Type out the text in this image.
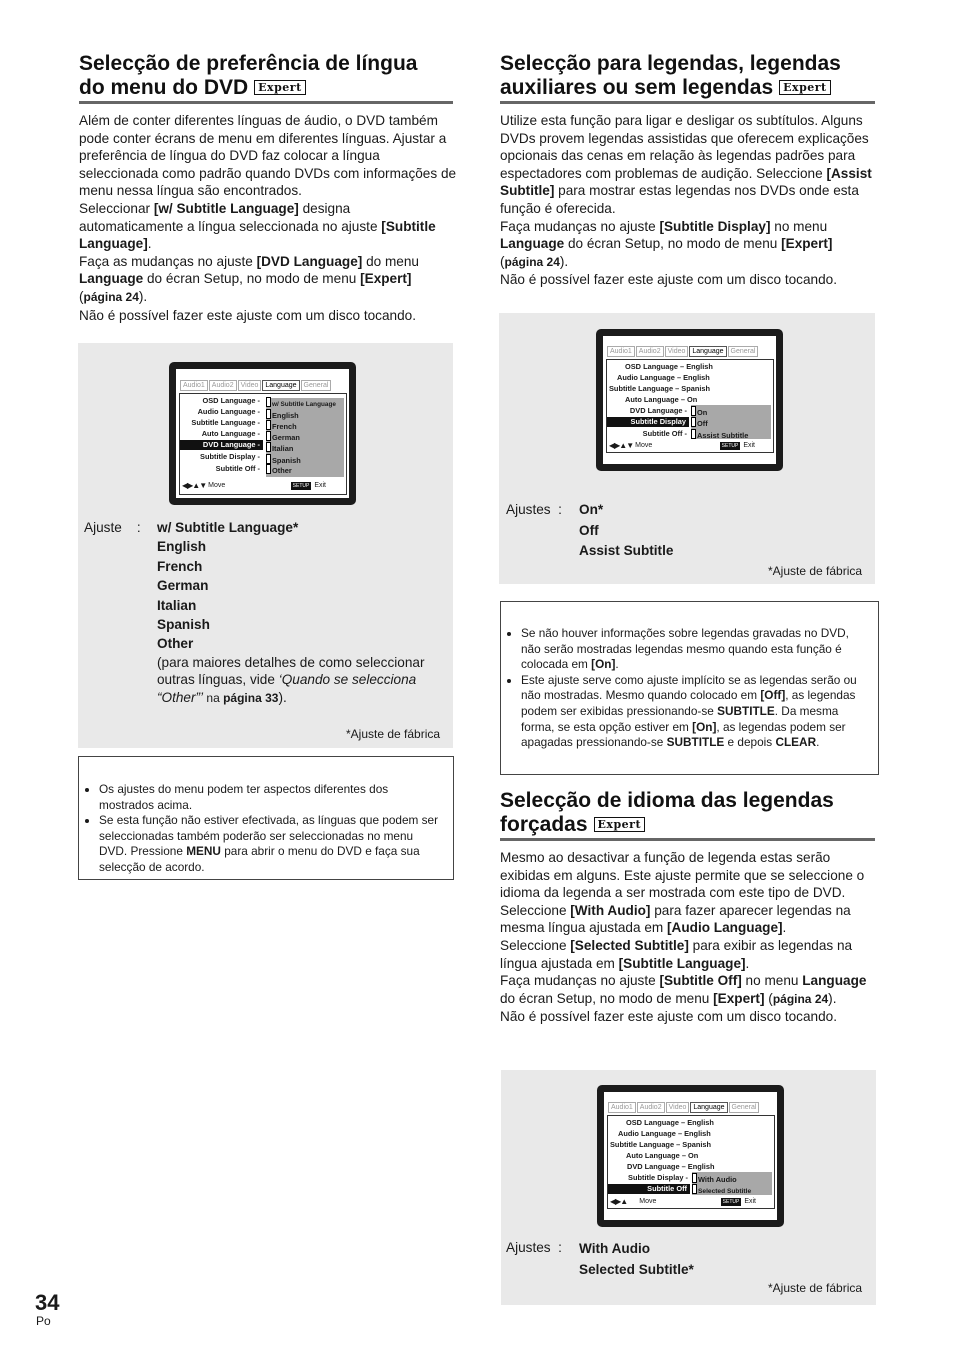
Selecção de preferência de língua
do menu do DVD Expert
Além de conter diferentes línguas de áudio, o DVD também pode conter écrans de menu em diferentes línguas. Ajustar a preferência de língua do DVD faz colocar a língua seleccionada como padrão quando DVDs com informações de menu nessa língua são encontrados.
Seleccionar [w/ Subtitle Language] designa automaticamente a língua seleccionada no ajuste [Subtitle Language].
Faça as mudanças no ajuste [DVD Language] do menu Language do écran Setup, no modo de menu [Expert] (página 24).
Não é possível fazer este ajuste com um disco tocando.
Audio1	Audio2	Video	Language	General
OSD Language -
Audio Language -
Subtitle Language -
Auto Language -
DVD Language -
Subtitle Display -
Subtitle Off -
w/ Subtitle Language
English
French
German
Italian
Spanish
Other
◀▶▲▼ Move	SETUP Exit
Ajuste    : w/ Subtitle Language*
English
French
German
Italian
Spanish
Other
(para maiores detalhes de como seleccionar outras línguas, vide ‘Quando se selecciona “Other”’ na página 33).
*Ajuste de fábrica
• Os ajustes do menu podem ter aspectos diferentes dos mostrados acima.
• Se esta função não estiver efectivada, as línguas que podem ser seleccionadas também poderão ser seleccionadas no menu DVD. Pressione MENU para abrir o menu do DVD e faça sua selecção de acordo.
Selecção para legendas, legendas
auxiliares ou sem legendas Expert
Utilize esta função para ligar e desligar os subtítulos. Alguns DVDs provem legendas assistidas que oferecem explicações opcionais das cenas em relação às legendas padrões para espectadores com problemas de audição. Seleccione [Assist Subtitle] para mostrar estas legendas nos DVDs onde esta função é oferecida.
Faça mudanças no ajuste [Subtitle Display] no menu Language do écran Setup, no modo de menu [Expert] (página 24).
Não é possível fazer este ajuste com um disco tocando.
Audio1	Audio2	Video	Language	General
OSD Language – English
Audio Language – English
Subtitle Language – Spanish
Auto Language – On
DVD Language -
Subtitle Display
Subtitle Off -
On
Off
Assist Subtitle
◀▶▲▼ Move	SETUP Exit
Ajustes  : On*
Off
Assist Subtitle
*Ajuste de fábrica
• Se não houver informações sobre legendas gravadas no DVD, não serão mostradas legendas mesmo quando esta função é colocada em [On].
• Este ajuste serve como ajuste implícito se as legendas serão ou não mostradas. Mesmo quando colocado em [Off], as legendas podem ser exibidas pressionando-se SUBTITLE. Da mesma forma, se esta opção estiver em [On], as legendas podem ser apagadas pressionando-se SUBTITLE e depois CLEAR.
Selecção de idioma das legendas
forçadas Expert
Mesmo ao desactivar a função de legenda estas serão exibidas em alguns. Este ajuste permite que se seleccione o idioma da legenda a ser mostrada com este tipo de DVD.
Seleccione [With Audio] para fazer aparecer legendas na mesma língua ajustada em [Audio Language].
Seleccione [Selected Subtitle] para exibir as legendas na língua ajustada em [Subtitle Language].
Faça mudanças no ajuste [Subtitle Off] no menu Language do écran Setup, no modo de menu [Expert] (página 24).
Não é possível fazer este ajuste com um disco tocando.
Audio1	Audio2	Video	Language	General
OSD Language – English
Audio Language – English
Subtitle Language – Spanish
Auto Language – On
DVD Language – English
Subtitle Display -
Subtitle Off
With Audio
Selected Subtitle
◀▶▲ Move	SETUP Exit
Ajustes  : With Audio
Selected Subtitle*
*Ajuste de fábrica
34
Po
